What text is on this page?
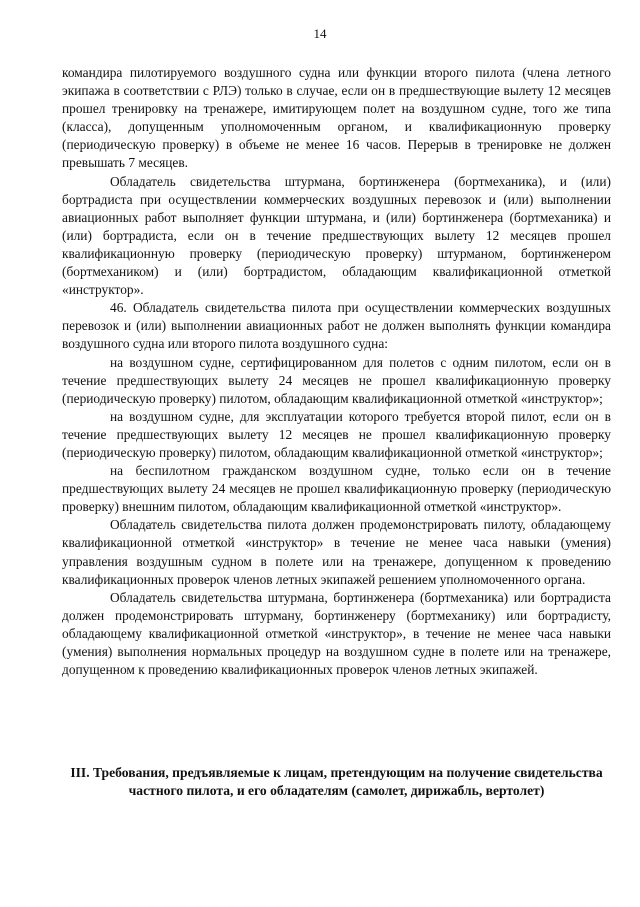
14

командира пилотируемого воздушного судна или функции второго пилота (члена летного экипажа в соответствии с РЛЭ) только в случае, если он в предшествующие вылету 12 месяцев прошел тренировку на тренажере, имитирующем полет на воздушном судне, того же типа (класса), допущенным уполномоченным органом, и квалификационную проверку (периодическую проверку) в объеме не менее 16 часов. Перерыв в тренировке не должен превышать 7 месяцев.

Обладатель свидетельства штурмана, бортинженера (бортмеханика), и (или) бортрадиста при осуществлении коммерческих воздушных перевозок и (или) выполнении авиационных работ выполняет функции штурмана, и (или) бортинженера (бортмеханика) и (или) бортрадиста, если он в течение предшествующих вылету 12 месяцев прошел квалификационную проверку (периодическую проверку) штурманом, бортинженером (бортмехаником) и (или) бортрадистом, обладающим квалификационной отметкой «инструктор».

46. Обладатель свидетельства пилота при осуществлении коммерческих воздушных перевозок и (или) выполнении авиационных работ не должен выполнять функции командира воздушного судна или второго пилота воздушного судна:

на воздушном судне, сертифицированном для полетов с одним пилотом, если он в течение предшествующих вылету 24 месяцев не прошел квалификационную проверку (периодическую проверку) пилотом, обладающим квалификационной отметкой «инструктор»;

на воздушном судне, для эксплуатации которого требуется второй пилот, если он в течение предшествующих вылету 12 месяцев не прошел квалификационную проверку (периодическую проверку) пилотом, обладающим квалификационной отметкой «инструктор»;

на беспилотном гражданском воздушном судне, только если он в течение предшествующих вылету 24 месяцев не прошел квалификационную проверку (периодическую проверку) внешним пилотом, обладающим квалификационной отметкой «инструктор».

Обладатель свидетельства пилота должен продемонстрировать пилоту, обладающему квалификационной отметкой «инструктор» в течение не менее часа навыки (умения) управления воздушным судном в полете или на тренажере, допущенном к проведению квалификационных проверок членов летных экипажей решением уполномоченного органа.

Обладатель свидетельства штурмана, бортинженера (бортмеханика) или бортрадиста должен продемонстрировать штурману, бортинженеру (бортмеханику) или бортрадисту, обладающему квалификационной отметкой «инструктор», в течение не менее часа навыки (умения) выполнения нормальных процедур на воздушном судне в полете или на тренажере, допущенном к проведению квалификационных проверок членов летных экипажей.

III. Требования, предъявляемые к лицам, претендующим на получение свидетельства частного пилота, и его обладателям (самолет, дирижабль, вертолет)
